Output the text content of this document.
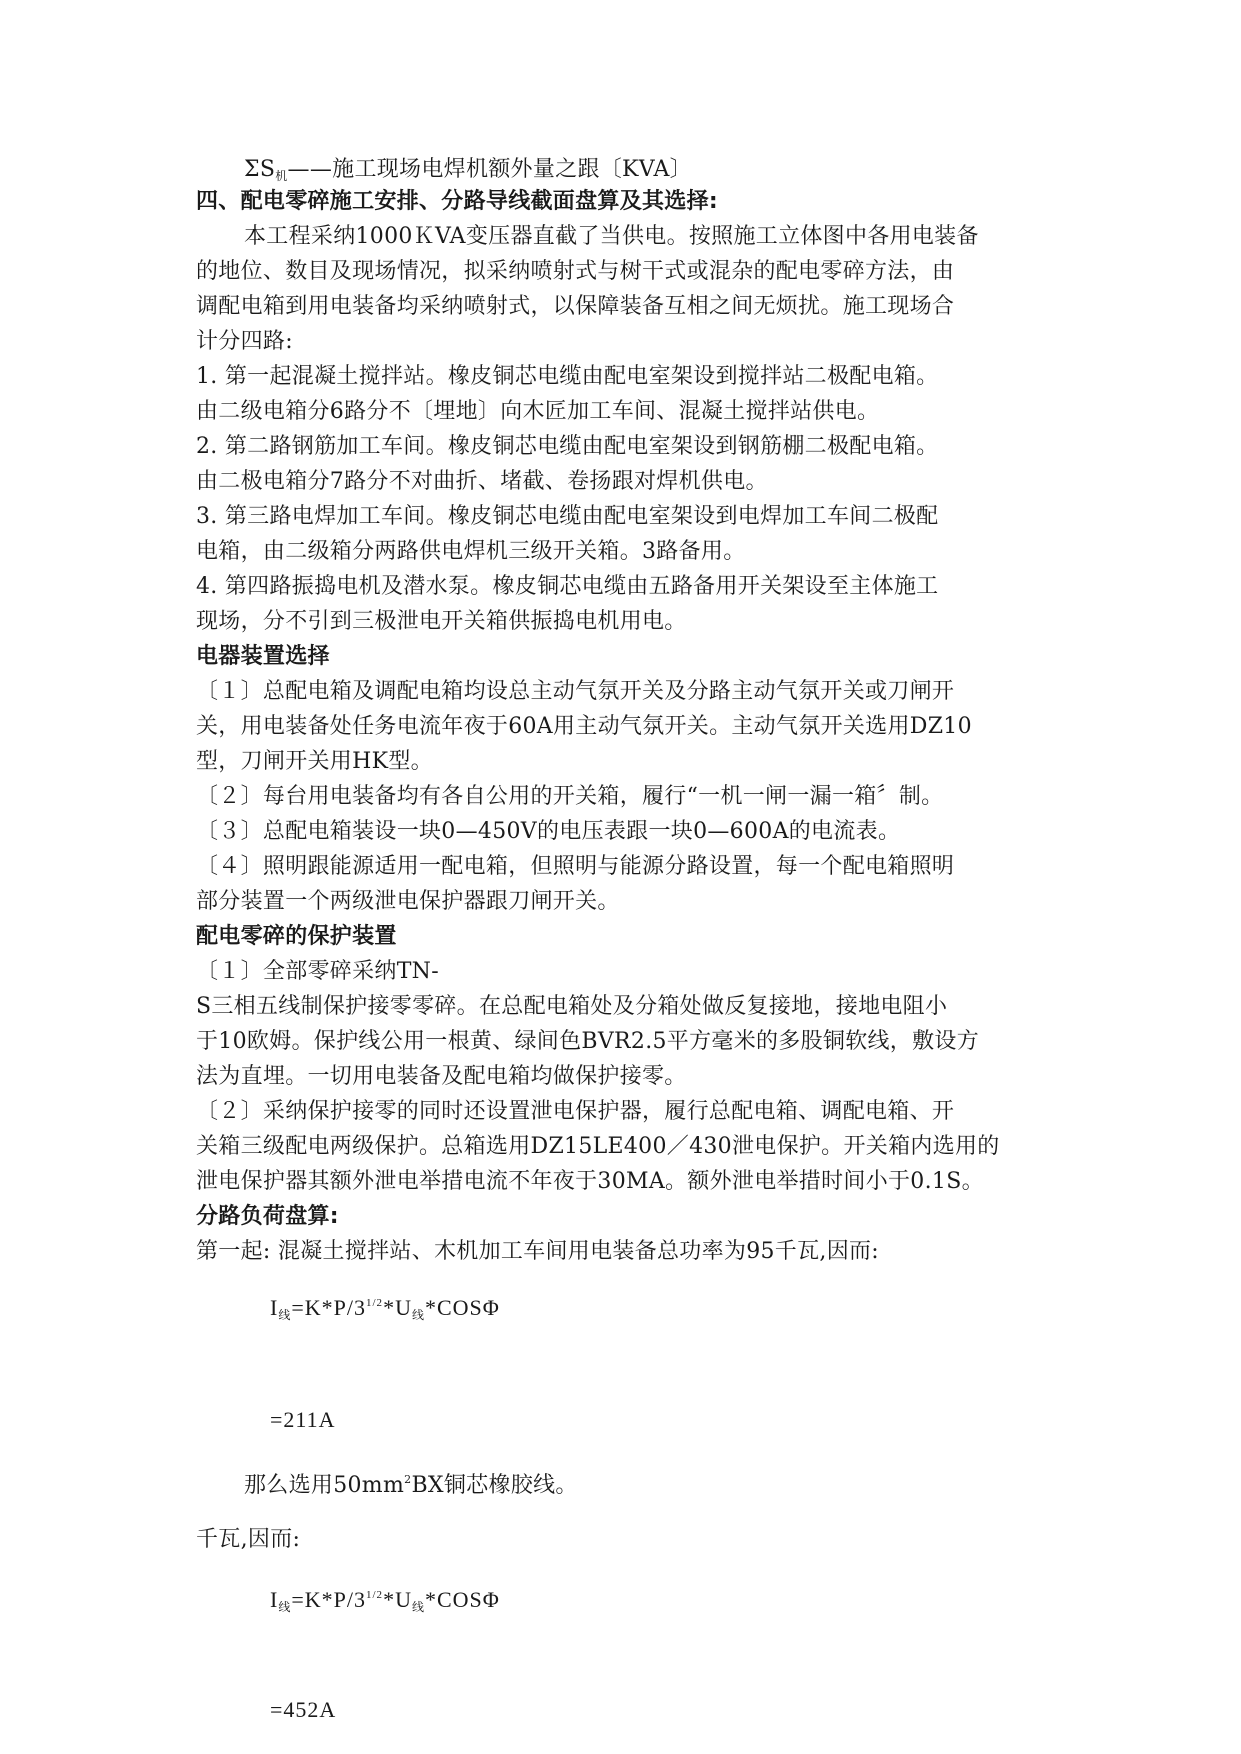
ΣS机——施工现场电焊机额外量之跟〔KVA〕
四、配电零碎施工安排、分路导线截面盘算及其选择:
本工程采纳1000ＫVA变压器直截了当供电。按照施工立体图中各用电装备
的地位、数目及现场情况，拟采纳喷射式与树干式或混杂的配电零碎方法，由
调配电箱到用电装备均采纳喷射式，以保障装备互相之间无烦扰。施工现场合
计分四路:
1. 第一起混凝土搅拌站。橡皮铜芯电缆由配电室架设到搅拌站二极配电箱。
由二级电箱分6路分不〔埋地〕向木匠加工车间、混凝土搅拌站供电。
2. 第二路钢筋加工车间。橡皮铜芯电缆由配电室架设到钢筋棚二极配电箱。
由二极电箱分7路分不对曲折、堵截、卷扬跟对焊机供电。
3. 第三路电焊加工车间。橡皮铜芯电缆由配电室架设到电焊加工车间二极配
电箱，由二级箱分两路供电焊机三级开关箱。3路备用。
4. 第四路振捣电机及潜水泵。橡皮铜芯电缆由五路备用开关架设至主体施工
现场，分不引到三极泄电开关箱供振捣电机用电。
电器装置选择
〔１〕总配电箱及调配电箱均设总主动气氛开关及分路主动气氛开关或刀闸开
关，用电装备处任务电流年夜于60A用主动气氛开关。主动气氛开关选用DZ10
型，刀闸开关用HK型。
〔２〕每台用电装备均有各自公用的开关箱，履行“一机一闸一漏一箱〞制。
〔３〕总配电箱装设一块0—450V的电压表跟一块0—600A的电流表。
〔４〕照明跟能源适用一配电箱，但照明与能源分路设置，每一个配电箱照明
部分装置一个两级泄电保护器跟刀闸开关。
配电零碎的保护装置
〔１〕全部零碎采纳TN-
S三相五线制保护接零零碎。在总配电箱处及分箱处做反复接地，接地电阻小
于10欧姆。保护线公用一根黄、绿间色BVR2.5平方毫米的多股铜软线，敷设方
法为直埋。一切用电装备及配电箱均做保护接零。
〔２〕采纳保护接零的同时还设置泄电保护器，履行总配电箱、调配电箱、开
关箱三级配电两级保护。总箱选用DZ15LE400／430泄电保护。开关箱内选用的
泄电保护器其额外泄电举措电流不年夜于30MA。额外泄电举措时间小于0.1S。
分路负荷盘算:
第一起: 混凝土搅拌站、木机加工车间用电装备总功率为95千瓦,因而:
I线$=K*P/3^{1/2}*U$线*COSΦ
=211A
那么选用$50mm^2BX$铜芯橡胶线。
千瓦,因而:
I线$=K*P/3^{1/2}*U$线*COSΦ
=452A
